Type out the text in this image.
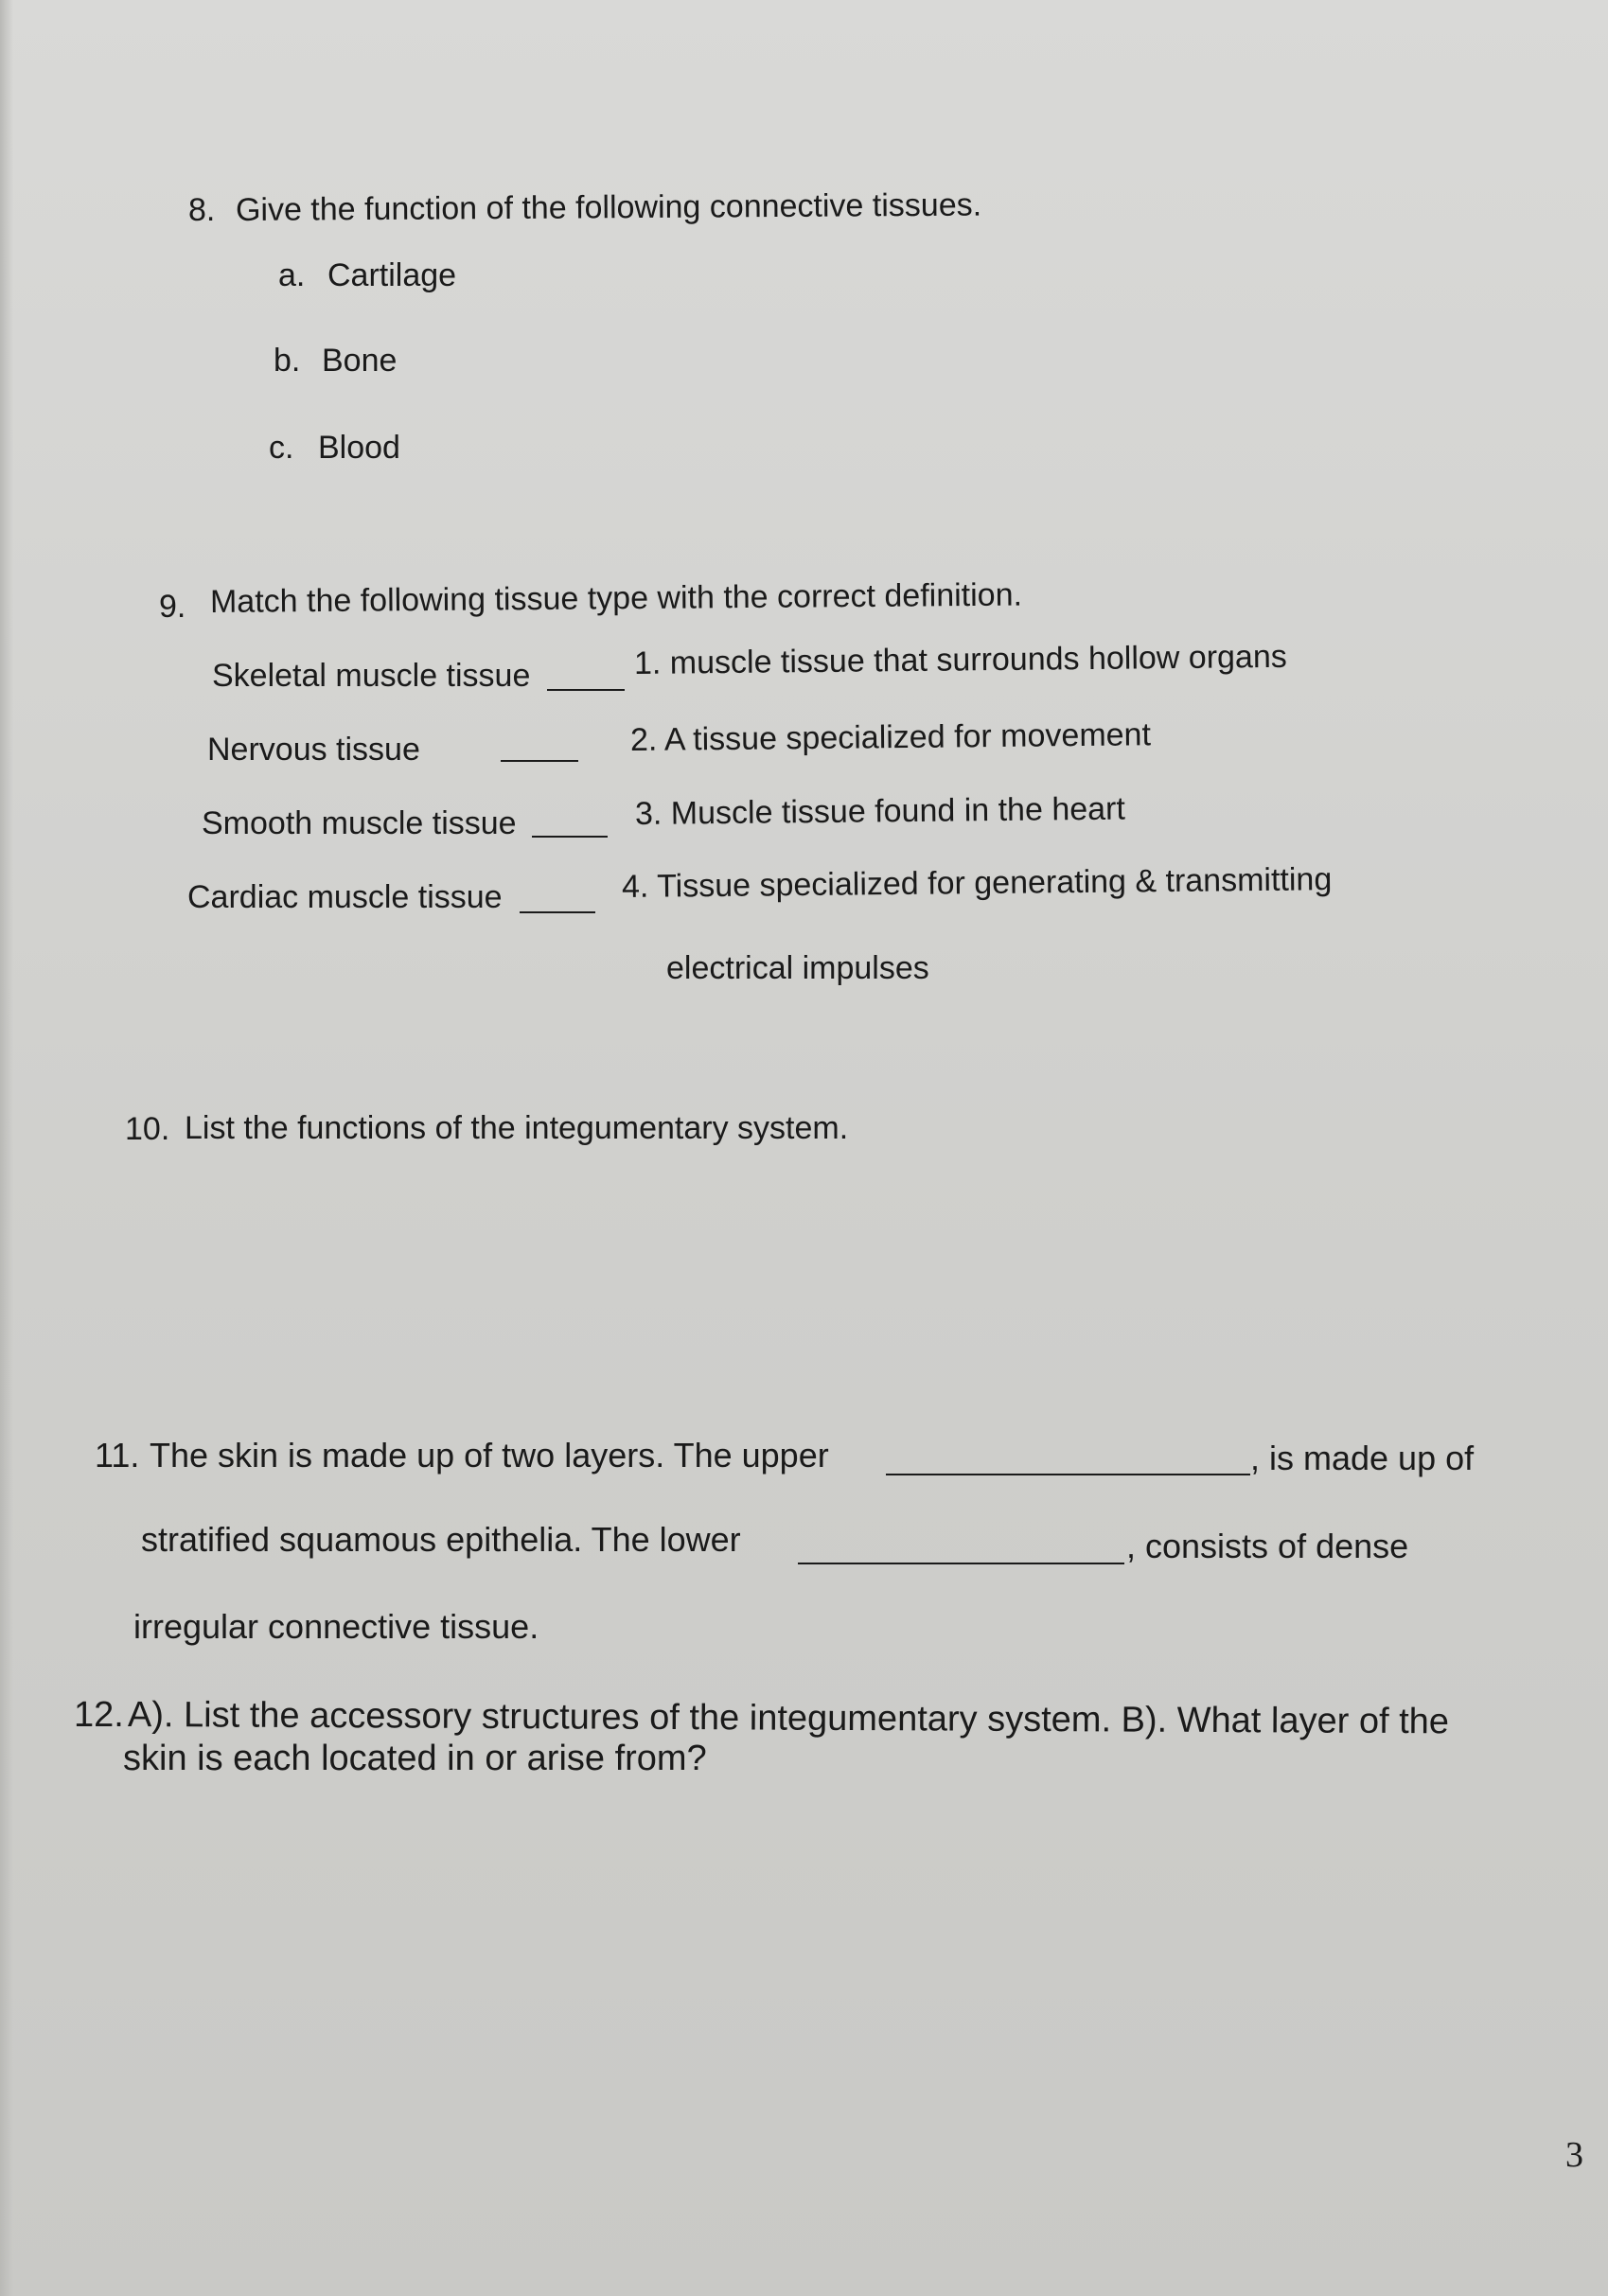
8. Give the function of the following connective tissues.
a. Cartilage
b. Bone
c. Blood
9. Match the following tissue type with the correct definition.
Skeletal muscle tissue	1. muscle tissue that surrounds hollow organs
Nervous tissue	2. A tissue specialized for movement
Smooth muscle tissue	3. Muscle tissue found in the heart
Cardiac muscle tissue	4. Tissue specialized for generating & transmitting
electrical impulses
10. List the functions of the integumentary system.
11. The skin is made up of two layers. The upper	, is made up of
stratified squamous epithelia. The lower	, consists of dense
irregular connective tissue.
12. A). List the accessory structures of the integumentary system. B). What layer of the
skin is each located in or arise from?
3
